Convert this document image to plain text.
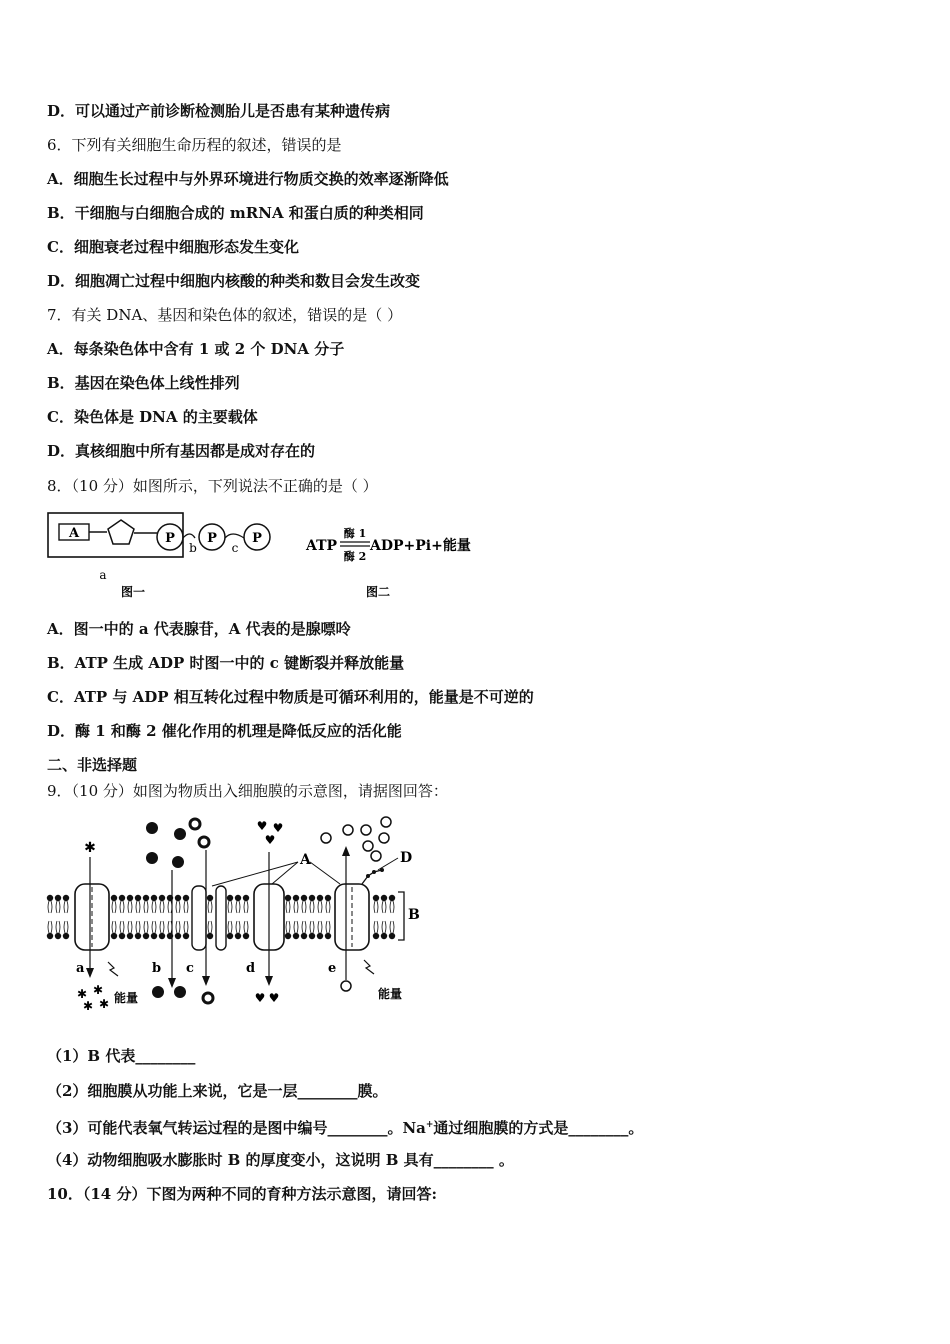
D．可以通过产前诊断检测胎儿是否患有某种遗传病
6．下列有关细胞生命历程的叙述，错误的是
A．细胞生长过程中与外界环境进行物质交换的效率逐渐降低
B．干细胞与白细胞合成的 mRNA 和蛋白质的种类相同
C．细胞衰老过程中细胞形态发生变化
D．细胞凋亡过程中细胞内核酸的种类和数目会发生改变
7．有关 DNA、基因和染色体的叙述，错误的是（ ）
A．每条染色体中含有 1 或 2 个 DNA 分子
B．基因在染色体上线性排列
C．染色体是 DNA 的主要载体
D．真核细胞中所有基因都是成对存在的
8．（10 分）如图所示，下列说法不正确的是（ ）
A	P P	P
b	c
a
图一
ATP
酶 1
酶 2
ADP+Pi+能量
图二
A．图一中的 a 代表腺苷，A 代表的是腺嘌呤
B．ATP 生成 ADP 时图一中的 c 键断裂并释放能量
C．ATP 与 ADP 相互转化过程中物质是可循环利用的，能量是不可逆的
D．酶 1 和酶 2 催化作用的机理是降低反应的活化能
二、非选择题
9．（10 分）如图为物质出入细胞膜的示意图，请据图回答：
B
A	D
✱
a
✱ ✱
✱ ✱ 能量
b c
♥ ♥
♥
d
♥ ♥
e
能量
（1）B 代表________
（2）细胞膜从功能上来说，它是一层________膜。
（3）可能代表氧气转运过程的是图中编号________。Na+通过细胞膜的方式是________。
（4）动物细胞吸水膨胀时 B 的厚度变小，这说明 B 具有________ 。
10．（14 分）下图为两种不同的育种方法示意图，请回答:
